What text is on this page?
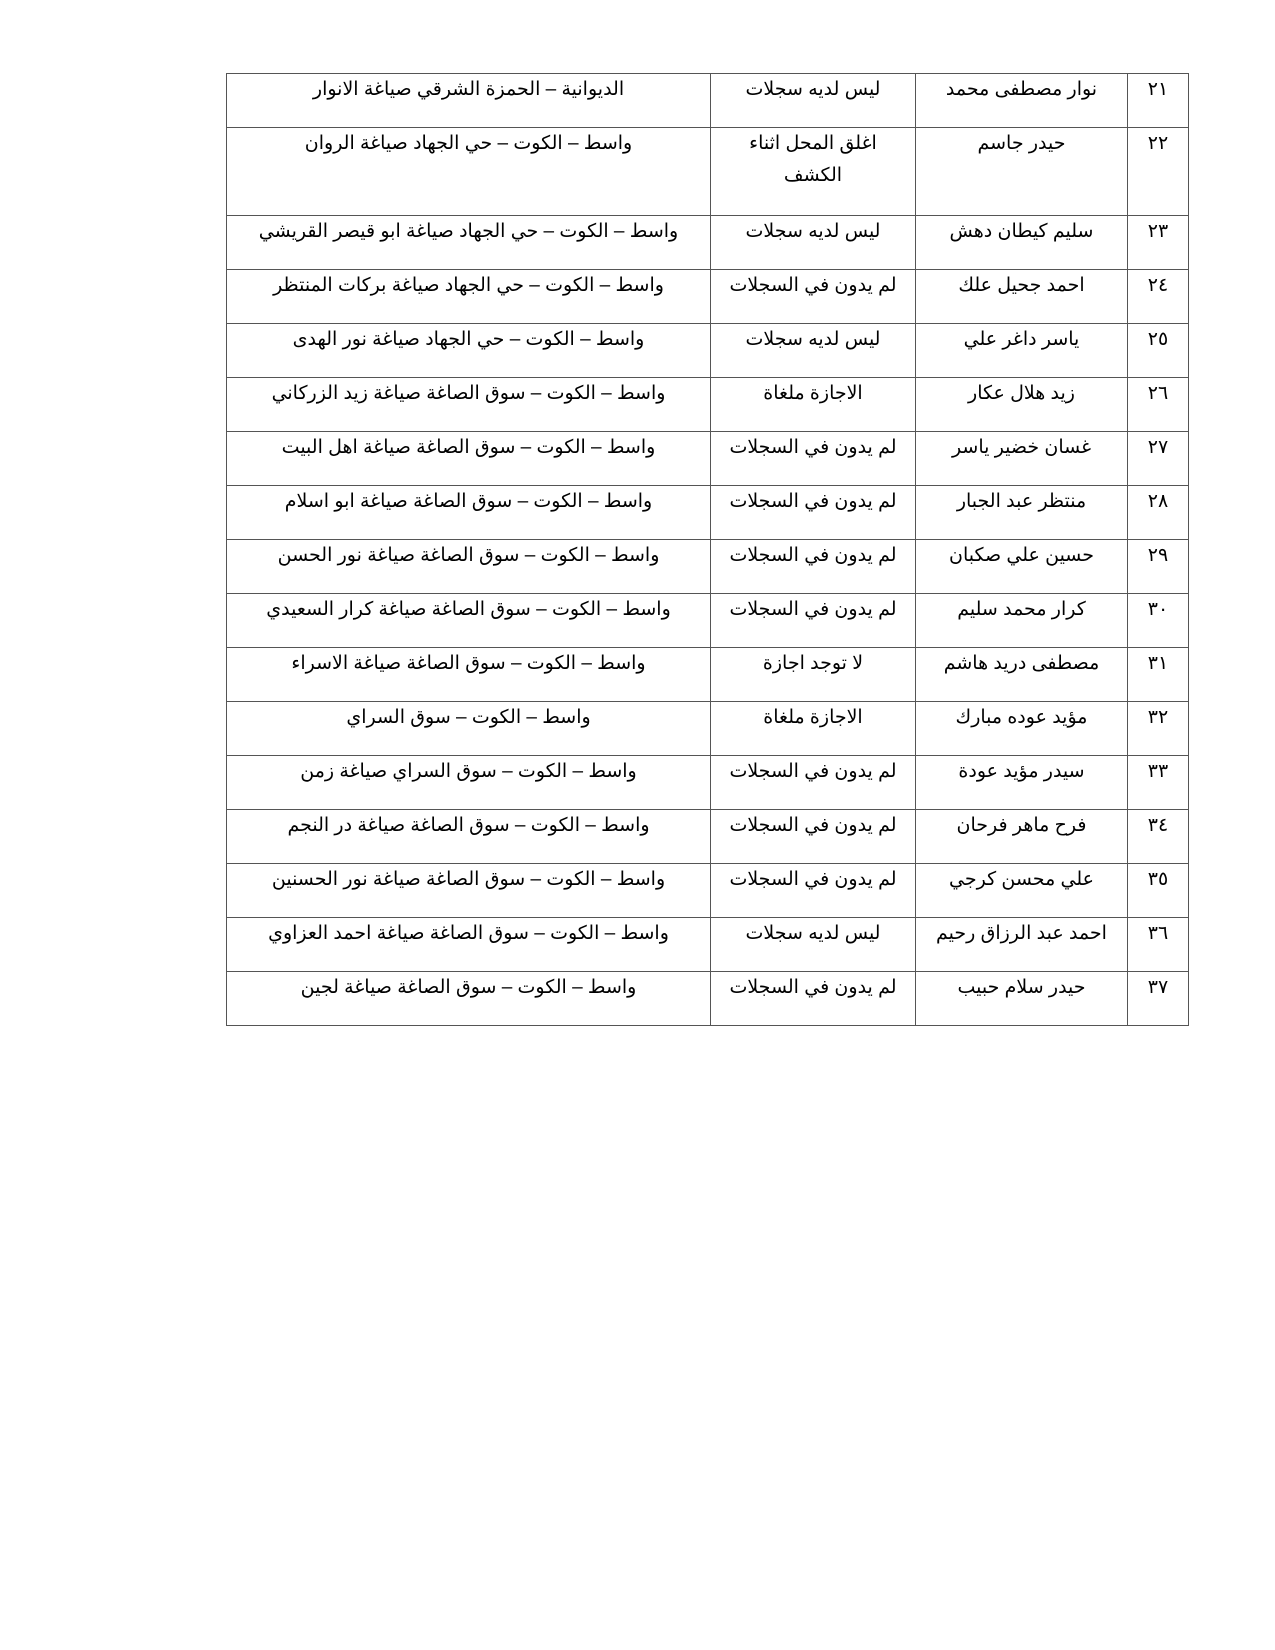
٢١	نوار مصطفى محمد	ليس لديه سجلات	الديوانية – الحمزة الشرقي صياغة الانوار
٢٢	حيدر جاسم	اغلق المحل اثناء الكشف	واسط – الكوت – حي الجهاد صياغة الروان
٢٣	سليم كيطان دهش	ليس لديه سجلات	واسط – الكوت – حي الجهاد صياغة ابو قيصر القريشي
٢٤	احمد جحيل علك	لم يدون في السجلات	واسط – الكوت – حي الجهاد صياغة بركات المنتظر
٢٥	ياسر داغر علي	ليس لديه سجلات	واسط – الكوت – حي الجهاد صياغة نور الهدى
٢٦	زيد هلال عكار	الاجازة ملغاة	واسط – الكوت – سوق الصاغة صياغة زيد الزركاني
٢٧	غسان خضير ياسر	لم يدون في السجلات	واسط – الكوت – سوق الصاغة صياغة اهل البيت
٢٨	منتظر عبد الجبار	لم يدون في السجلات	واسط – الكوت – سوق الصاغة صياغة ابو اسلام
٢٩	حسين علي صكبان	لم يدون في السجلات	واسط – الكوت – سوق الصاغة صياغة نور الحسن
٣٠	كرار محمد سليم	لم يدون في السجلات	واسط – الكوت – سوق الصاغة صياغة كرار السعيدي
٣١	مصطفى دريد هاشم	لا توجد اجازة	واسط – الكوت – سوق الصاغة صياغة الاسراء
٣٢	مؤيد عوده مبارك	الاجازة ملغاة	واسط – الكوت – سوق السراي
٣٣	سيدر مؤيد عودة	لم يدون في السجلات	واسط – الكوت – سوق السراي صياغة زمن
٣٤	فرح ماهر فرحان	لم يدون في السجلات	واسط – الكوت – سوق الصاغة صياغة در النجم
٣٥	علي محسن كرجي	لم يدون في السجلات	واسط – الكوت – سوق الصاغة صياغة نور الحسنين
٣٦	احمد عبد الرزاق رحيم	ليس لديه سجلات	واسط – الكوت – سوق الصاغة صياغة احمد العزاوي
٣٧	حيدر سلام حبيب	لم يدون في السجلات	واسط – الكوت – سوق الصاغة صياغة لجين
